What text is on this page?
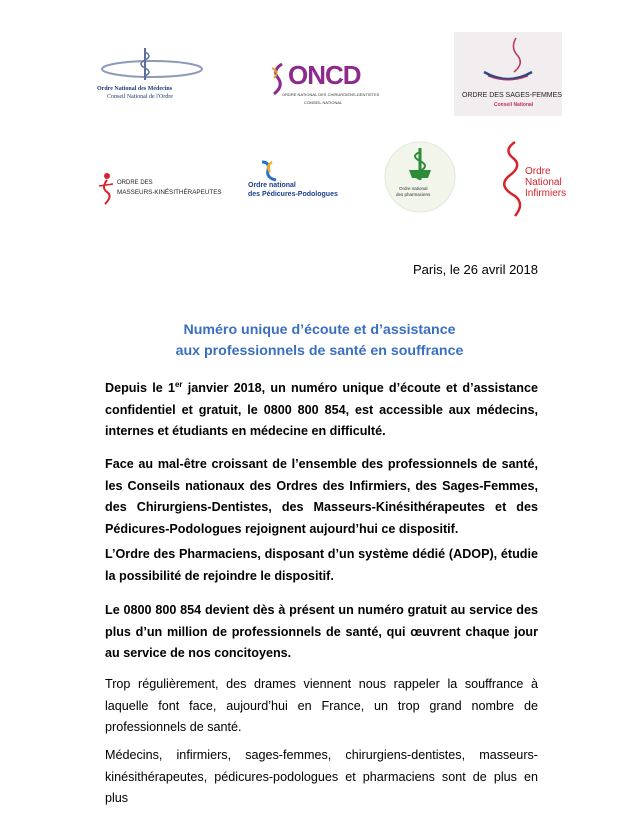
Ordre National des Médecins
Conseil National de l'Ordre
ONCD
ORDRE NATIONAL DES CHIRURGIENS-DENTISTES
CONSEIL NATIONAL
ORDRE DES SAGES-FEMMES
Conseil National
ORDRE DES
MASSEURS-KINÉSITHÉRAPEUTES
Ordre national
des Pédicures-Podologues
Ordre national
des pharmaciens
Ordre
National
Infirmiers
Paris, le 26 avril 2018
Numéro unique d’écoute et d’assistance
aux professionnels de santé en souffrance
Depuis le 1er janvier 2018, un numéro unique d’écoute et d’assistance confidentiel et gratuit, le 0800 800 854, est accessible aux médecins, internes et étudiants en médecine en difficulté.
Face au mal-être croissant de l’ensemble des professionnels de santé, les Conseils nationaux des Ordres des Infirmiers, des Sages-Femmes, des Chirurgiens-Dentistes, des Masseurs-Kinésithérapeutes et des Pédicures-Podologues rejoignent aujourd’hui ce dispositif.
L’Ordre des Pharmaciens, disposant d’un système dédié (ADOP), étudie la possibilité de rejoindre le dispositif.
Le 0800 800 854 devient dès à présent un numéro gratuit au service des plus d’un million de professionnels de santé, qui œuvrent chaque jour au service de nos concitoyens.
Trop régulièrement, des drames viennent nous rappeler la souffrance à laquelle font face, aujourd’hui en France, un trop grand nombre de professionnels de santé.
Médecins, infirmiers, sages-femmes, chirurgiens-dentistes, masseurs-kinésithérapeutes, pédicures-podologues et pharmaciens sont de plus en plus
